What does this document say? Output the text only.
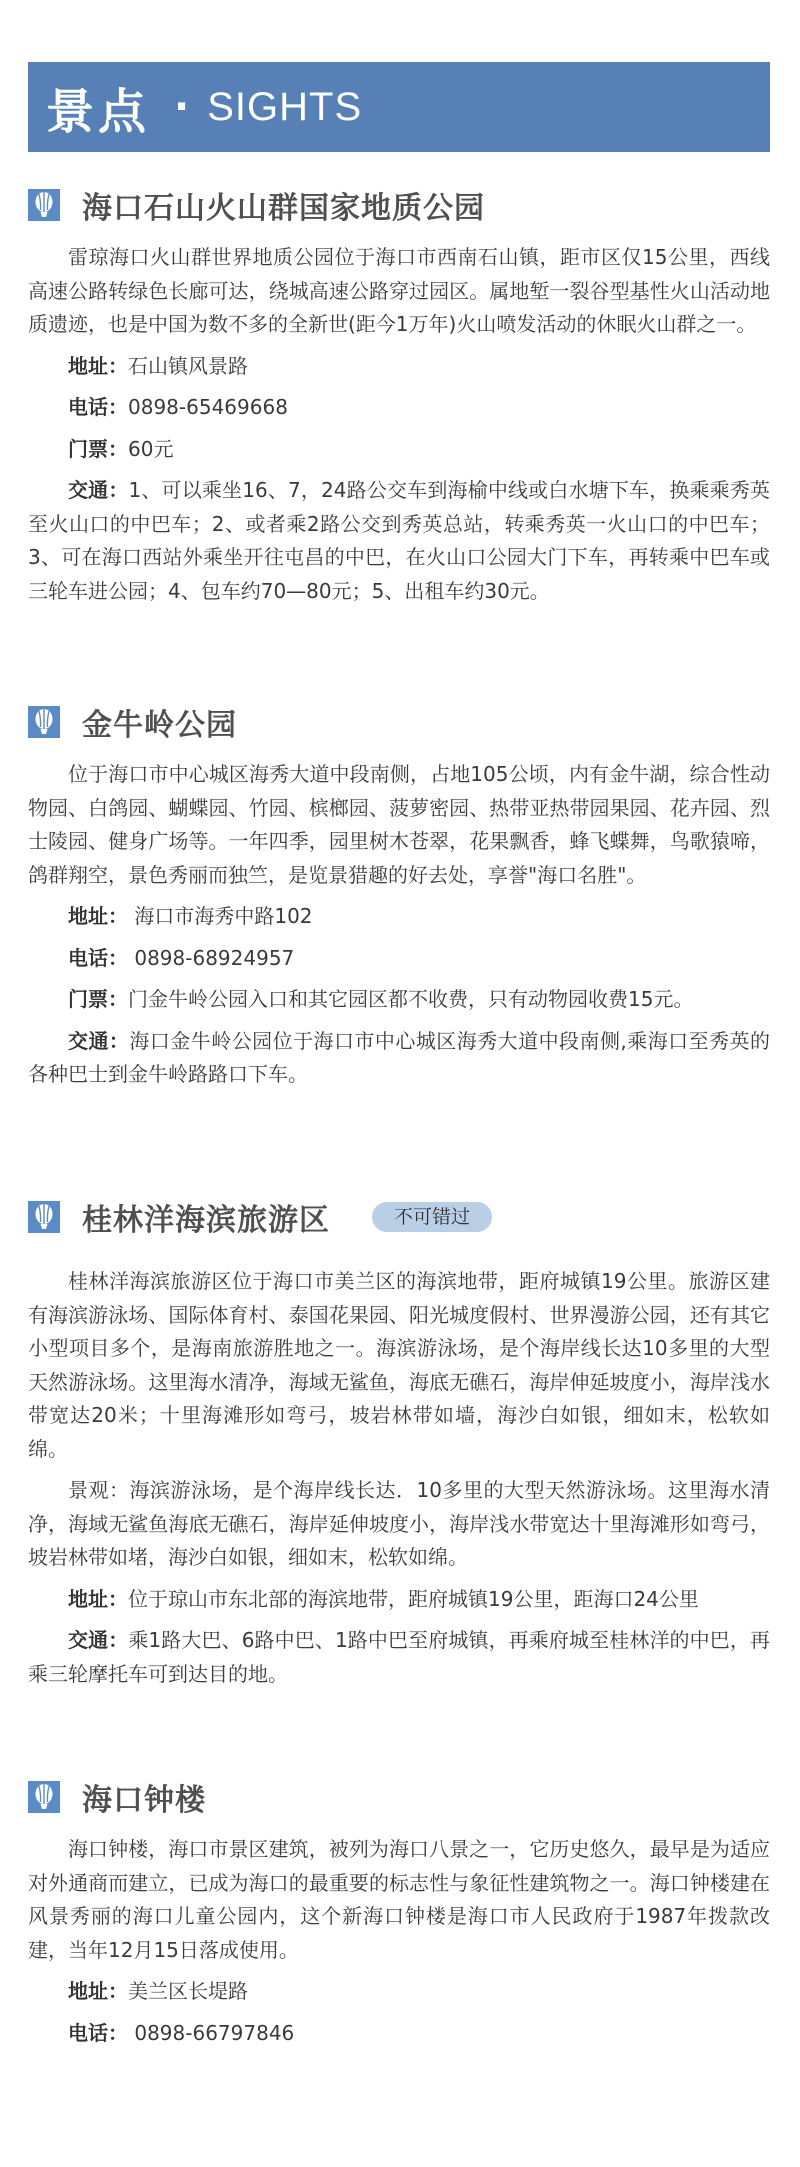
景点 · SIGHTS
海口石山火山群国家地质公园

雷琼海口火山群世界地质公园位于海口市西南石山镇，距市区仅15公里，西线高速公路转绿色长廊可达，绕城高速公路穿过园区。属地堑一裂谷型基性火山活动地质遗迹，也是中国为数不多的全新世(距今1万年)火山喷发活动的休眠火山群之一。

地址：石山镇风景路

电话：0898-65469668

门票：60元

交通：1、可以乘坐16、7，24路公交车到海榆中线或白水塘下车，换乘乘秀英至火山口的中巴车；2、或者乘2路公交到秀英总站，转乘秀英一火山口的中巴车；3、可在海口西站外乘坐开往屯昌的中巴，在火山口公园大门下车，再转乘中巴车或三轮车进公园；4、包车约70—80元；5、出租车约30元。

金牛岭公园

位于海口市中心城区海秀大道中段南侧，占地105公顷，内有金牛湖，综合性动物园、白鸽园、蝴蝶园、竹园、槟榔园、菠萝密园、热带亚热带园果园、花卉园、烈士陵园、健身广场等。一年四季，园里树木苍翠，花果飘香，蜂飞蝶舞，鸟歌猿啼，鸽群翔空，景色秀丽而独竺，是览景猎趣的好去处，享誉"海口名胜"。

地址： 海口市海秀中路102

电话： 0898-68924957

门票：门金牛岭公园入口和其它园区都不收费，只有动物园收费15元。

交通：海口金牛岭公园位于海口市中心城区海秀大道中段南侧,乘海口至秀英的各种巴士到金牛岭路路口下车。

桂林洋海滨旅游区	不可错过

桂林洋海滨旅游区位于海口市美兰区的海滨地带，距府城镇19公里。旅游区建有海滨游泳场、国际体育村、泰国花果园、阳光城度假村、世界漫游公园，还有其它小型项目多个，是海南旅游胜地之一。海滨游泳场，是个海岸线长达10多里的大型天然游泳场。这里海水清净，海域无鲨鱼，海底无礁石，海岸伸延坡度小，海岸浅水带宽达20米；十里海滩形如弯弓，坡岩林带如墙，海沙白如银，细如末，松软如绵。

景观：海滨游泳场，是个海岸线长达．10多里的大型天然游泳场。这里海水清净，海域无鲨鱼海底无礁石，海岸延伸坡度小，海岸浅水带宽达十里海滩形如弯弓，坡岩林带如堵，海沙白如银，细如末，松软如绵。

地址：位于琼山市东北部的海滨地带，距府城镇19公里，距海口24公里

交通：乘1路大巴、6路中巴、1路中巴至府城镇，再乘府城至桂林洋的中巴，再乘三轮摩托车可到达目的地。

海口钟楼

海口钟楼，海口市景区建筑，被列为海口八景之一，它历史悠久，最早是为适应对外通商而建立，已成为海口的最重要的标志性与象征性建筑物之一。海口钟楼建在风景秀丽的海口儿童公园内，这个新海口钟楼是海口市人民政府于1987年拨款改建，当年12月15日落成使用。

地址：美兰区长堤路

电话： 0898-66797846
